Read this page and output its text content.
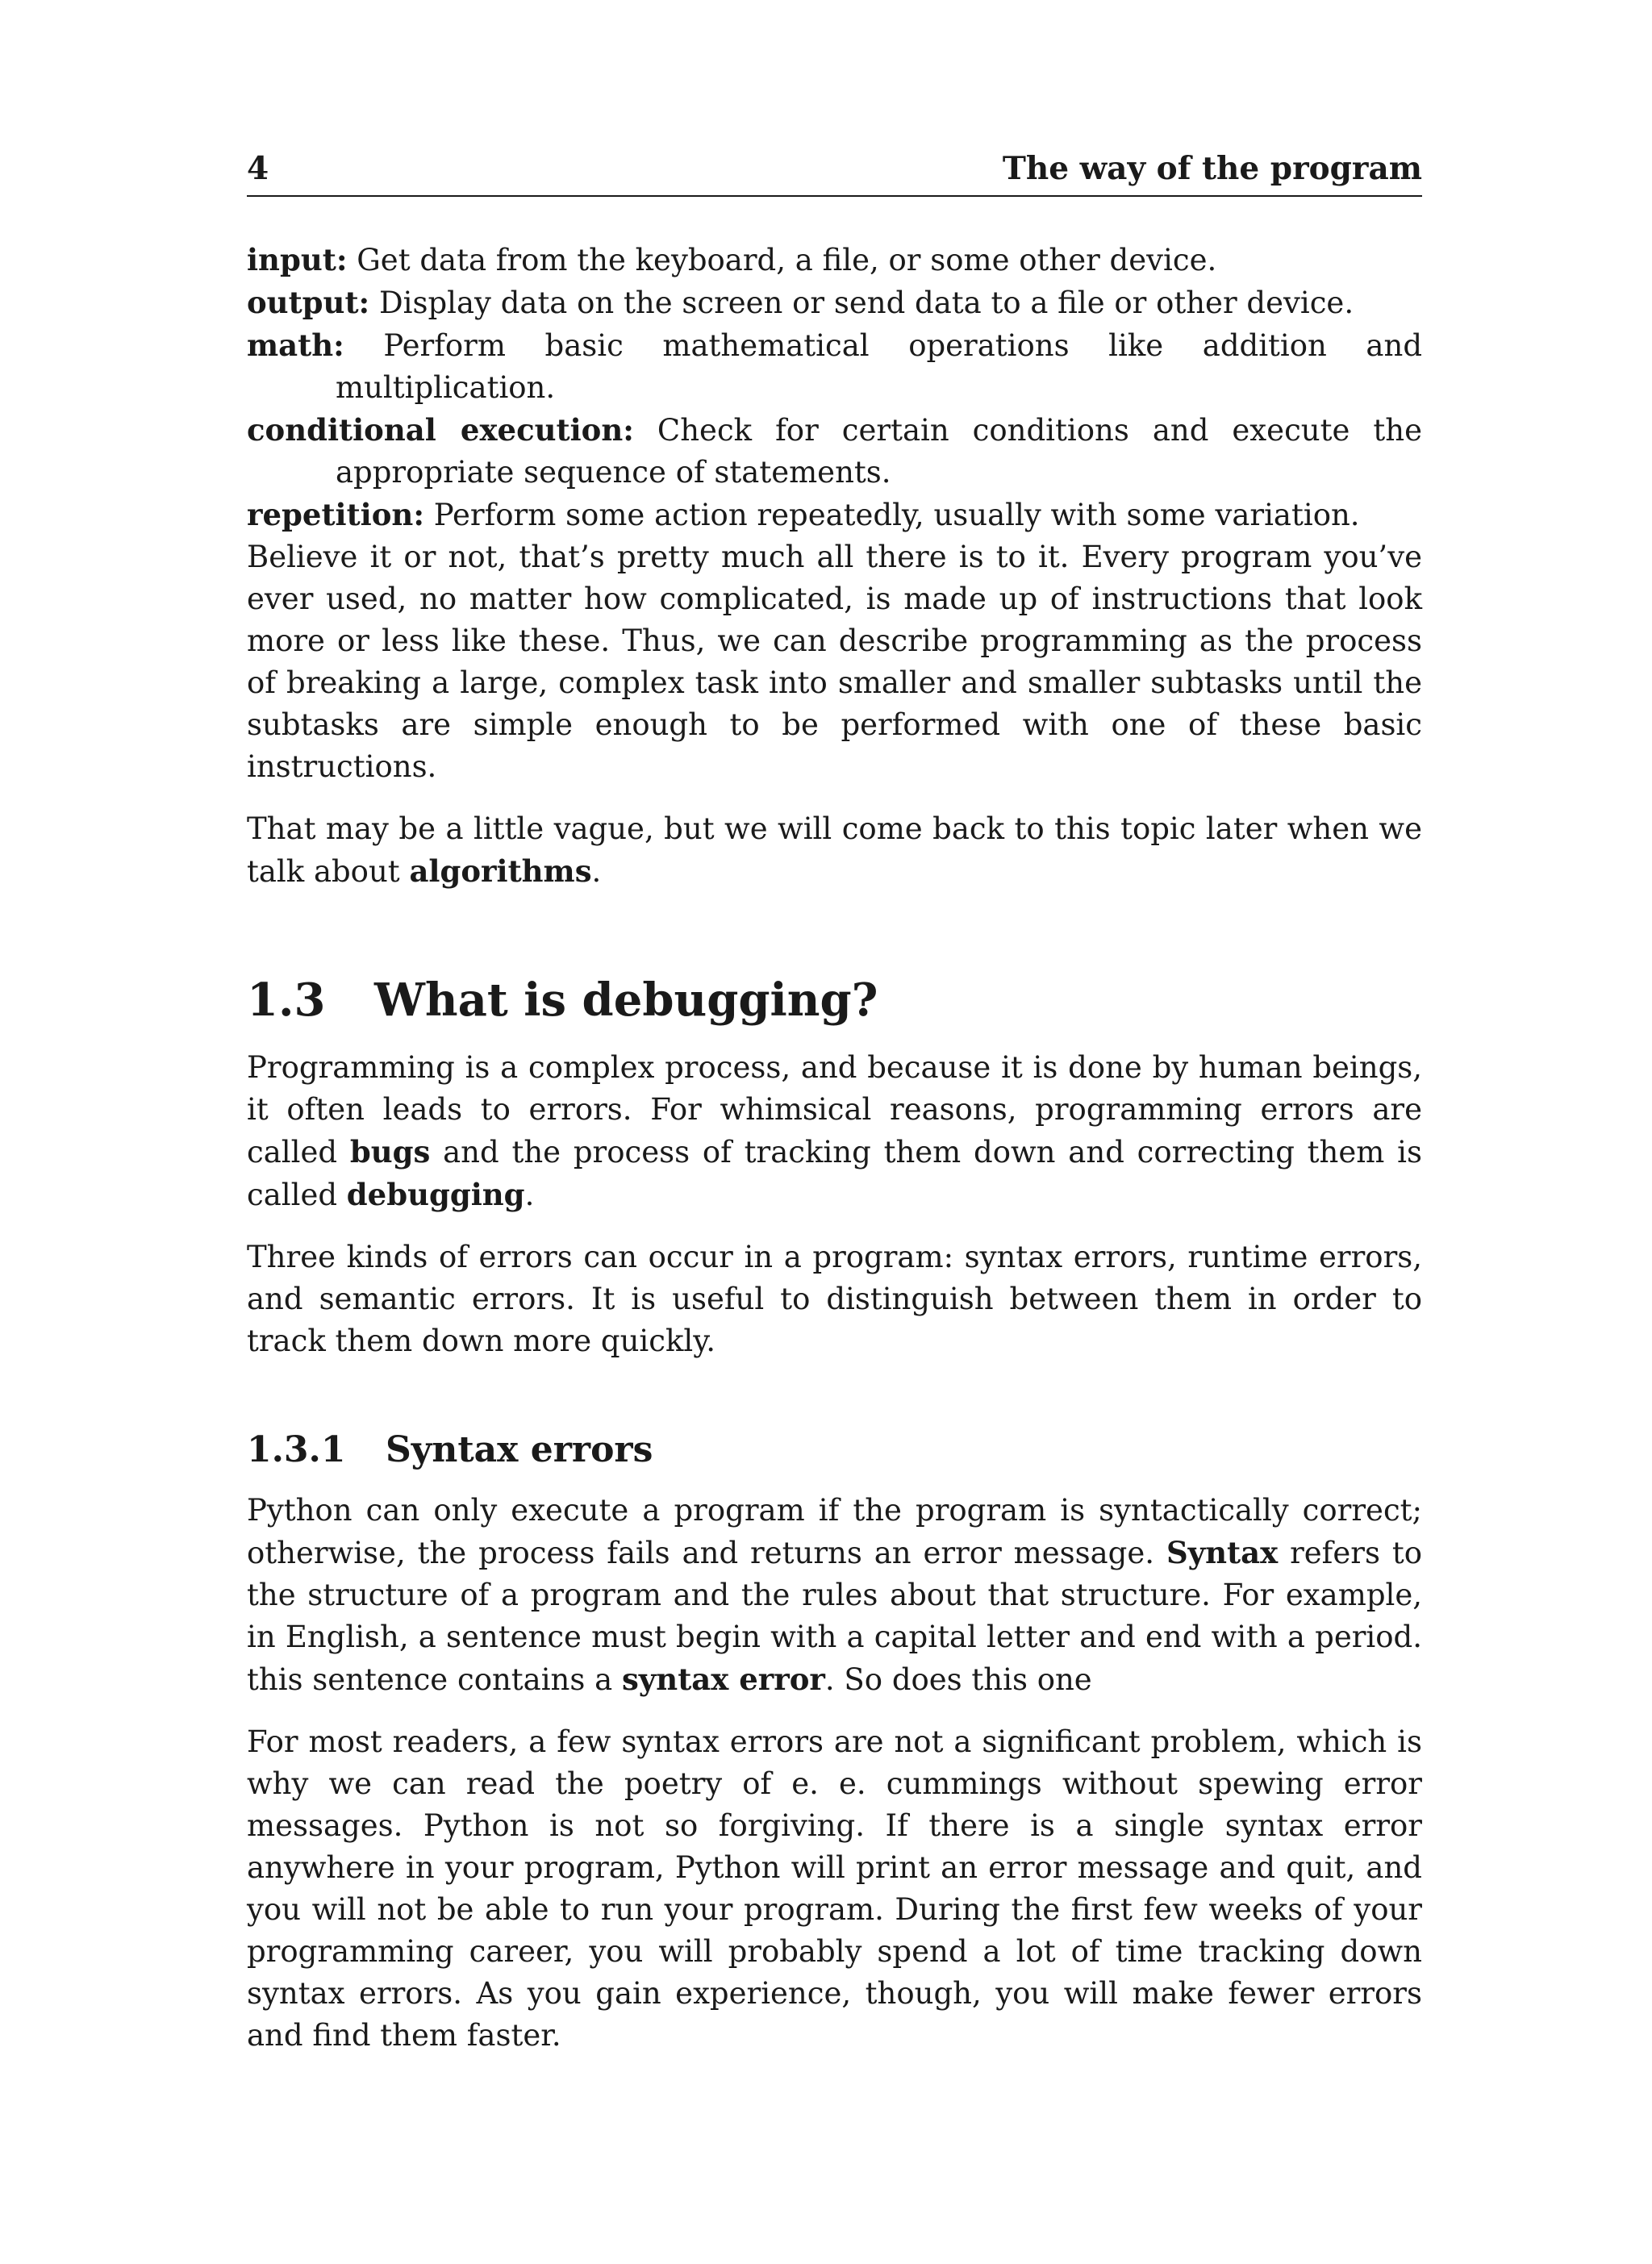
4	The way of the program

input: Get data from the keyboard, a file, or some other device.

output: Display data on the screen or send data to a file or other device.

math: Perform basic mathematical operations like addition and multiplication.

conditional execution: Check for certain conditions and execute the appropriate sequence of statements.

repetition: Perform some action repeatedly, usually with some variation.

Believe it or not, that’s pretty much all there is to it. Every program you’ve ever used, no matter how complicated, is made up of instructions that look more or less like these. Thus, we can describe programming as the process of breaking a large, complex task into smaller and smaller subtasks until the subtasks are simple enough to be performed with one of these basic instructions.

That may be a little vague, but we will come back to this topic later when we talk about algorithms.

1.3 What is debugging?

Programming is a complex process, and because it is done by human beings, it often leads to errors. For whimsical reasons, programming errors are called bugs and the process of tracking them down and correcting them is called debugging.

Three kinds of errors can occur in a program: syntax errors, runtime errors, and semantic errors. It is useful to distinguish between them in order to track them down more quickly.

1.3.1 Syntax errors

Python can only execute a program if the program is syntactically correct; otherwise, the process fails and returns an error message. Syntax refers to the structure of a program and the rules about that structure. For example, in English, a sentence must begin with a capital letter and end with a period. this sentence contains a syntax error. So does this one

For most readers, a few syntax errors are not a significant problem, which is why we can read the poetry of e. e. cummings without spewing error messages. Python is not so forgiving. If there is a single syntax error anywhere in your program, Python will print an error message and quit, and you will not be able to run your program. During the first few weeks of your programming career, you will probably spend a lot of time tracking down syntax errors. As you gain experience, though, you will make fewer errors and find them faster.
